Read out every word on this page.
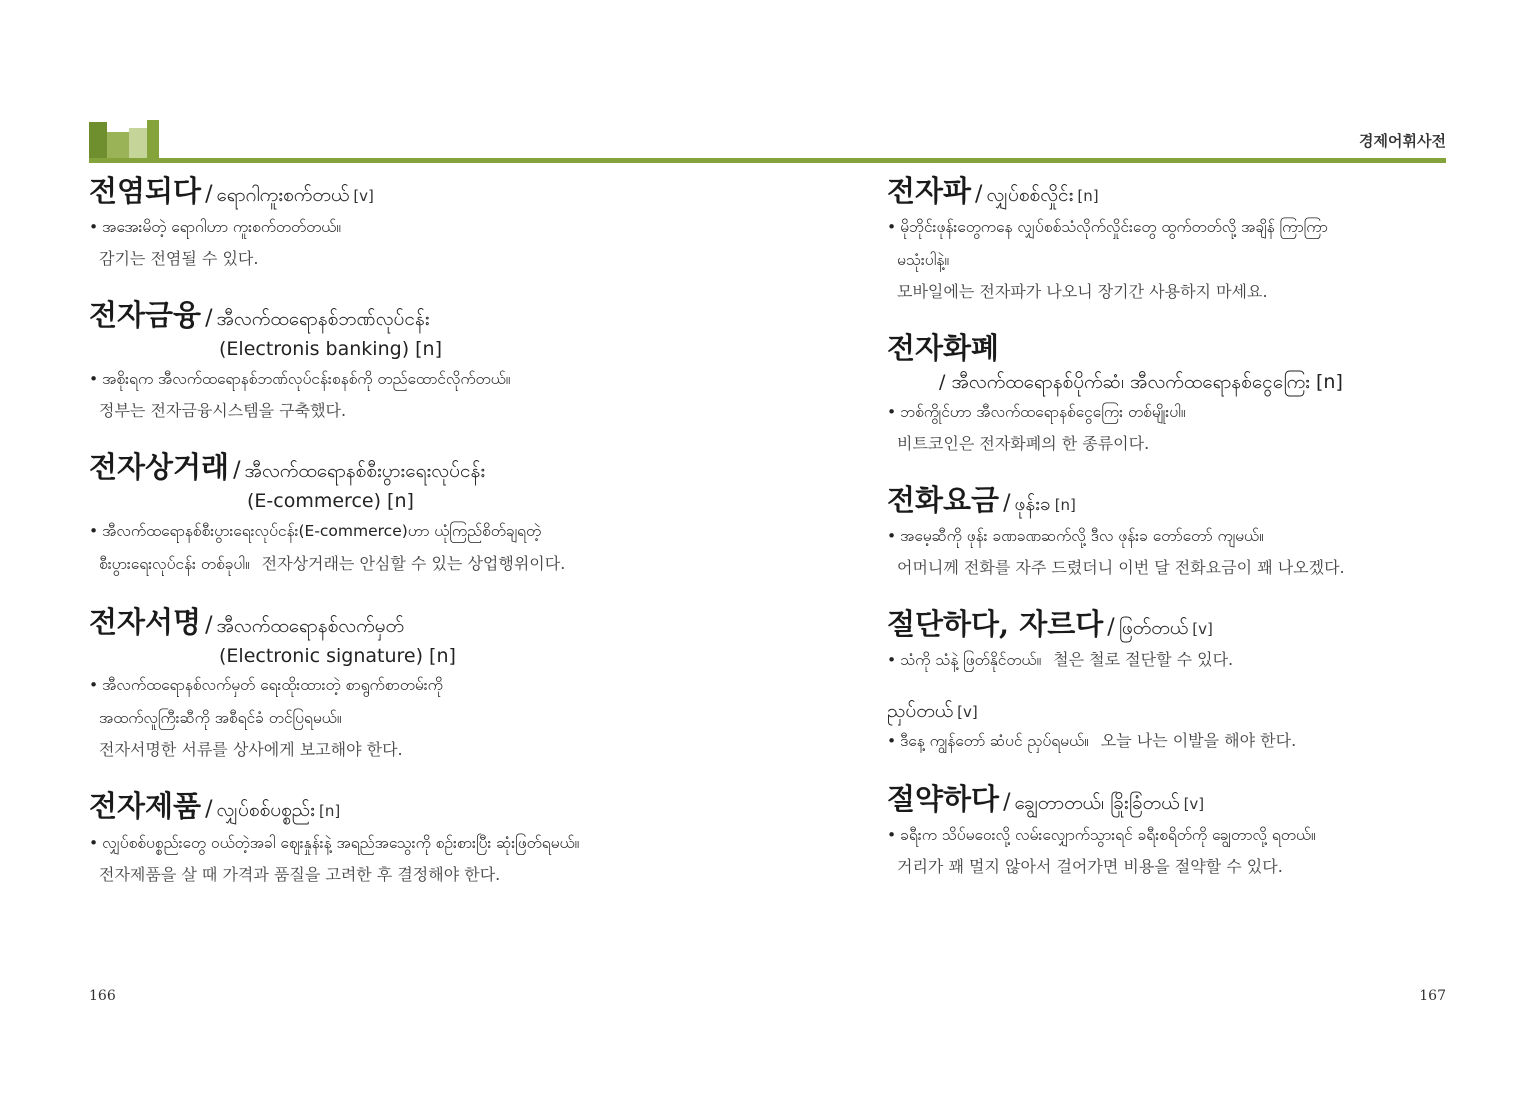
경제어휘사전
전염되다 / ရောဂါကူးစက်တယ် [v]
• အအေးမိတဲ့ ရောဂါဟာ ကူးစက်တတ်တယ်။
감기는 전염될 수 있다.
전자금융 / အီလက်ထရောနစ်ဘဏ်လုပ်ငန်း
(Electronis banking) [n]
• အစိုးရက အီလက်ထရောနစ်ဘဏ်လုပ်ငန်းစနစ်ကို တည်ထောင်လိုက်တယ်။
정부는 전자금융시스템을 구축했다.
전자상거래 / အီလက်ထရောနစ်စီးပွားရေးလုပ်ငန်း
(E-commerce) [n]
• အီလက်ထရောနစ်စီးပွားရေးလုပ်ငန်း(E-commerce)ဟာ ယုံကြည်စိတ်ချရတဲ့
စီးပွားရေးလုပ်ငန်း တစ်ခုပါ။ 전자상거래는 안심할 수 있는 상업행위이다.
전자서명 / အီလက်ထရောနစ်လက်မှတ်
(Electronic signature) [n]
• အီလက်ထရောနစ်လက်မှတ် ရေးထိုးထားတဲ့ စာရွက်စာတမ်းကို
အထက်လူကြီးဆီကို အစီရင်ခံ တင်ပြရမယ်။
전자서명한 서류를 상사에게 보고해야 한다.
전자제품 / လျှပ်စစ်ပစ္စည်း [n]
• လျှပ်စစ်ပစ္စည်းတွေ ဝယ်တဲ့အခါ ဈေးနှုန်းနဲ့ အရည်အသွေးကို စဉ်းစားပြီး ဆုံးဖြတ်ရမယ်။
전자제품을 살 때 가격과 품질을 고려한 후 결정해야 한다.
전자파 / လျှပ်စစ်လှိုင်း [n]
• မိုဘိုင်းဖုန်းတွေကနေ လျှပ်စစ်သံလိုက်လှိုင်းတွေ ထွက်တတ်လို့ အချိန် ကြာကြာ
မသုံးပါနဲ့။
모바일에는 전자파가 나오니 장기간 사용하지 마세요.
전자화폐
/ အီလက်ထရောနစ်ပိုက်ဆံ၊ အီလက်ထရောနစ်ငွေကြေး [n]
• ဘစ်ကွိုင်ဟာ အီလက်ထရောနစ်ငွေကြေး တစ်မျိုးပါ။
비트코인은 전자화폐의 한 종류이다.
전화요금 / ဖုန်းခ [n]
• အမေ့ဆီကို ဖုန်း ခဏခဏဆက်လို့ ဒီလ ဖုန်းခ တော်တော် ကျမယ်။
어머니께 전화를 자주 드렸더니 이번 달 전화요금이 꽤 나오겠다.
절단하다, 자르다 / ဖြတ်တယ် [v]
• သံကို သံနဲ့ ဖြတ်နိုင်တယ်။ 철은 철로 절단할 수 있다.
ညှပ်တယ် [v]
• ဒီနေ့ ကျွန်တော် ဆံပင် ညှပ်ရမယ်။ 오늘 나는 이발을 해야 한다.
절약하다 / ချွေတာတယ်၊ ခြိုးခြံတယ် [v]
• ခရီးက သိပ်မဝေးလို့ လမ်းလျှောက်သွားရင် ခရီးစရိတ်ကို ချွေတာလို့ ရတယ်။
거리가 꽤 멀지 않아서 걸어가면 비용을 절약할 수 있다.
166	167
